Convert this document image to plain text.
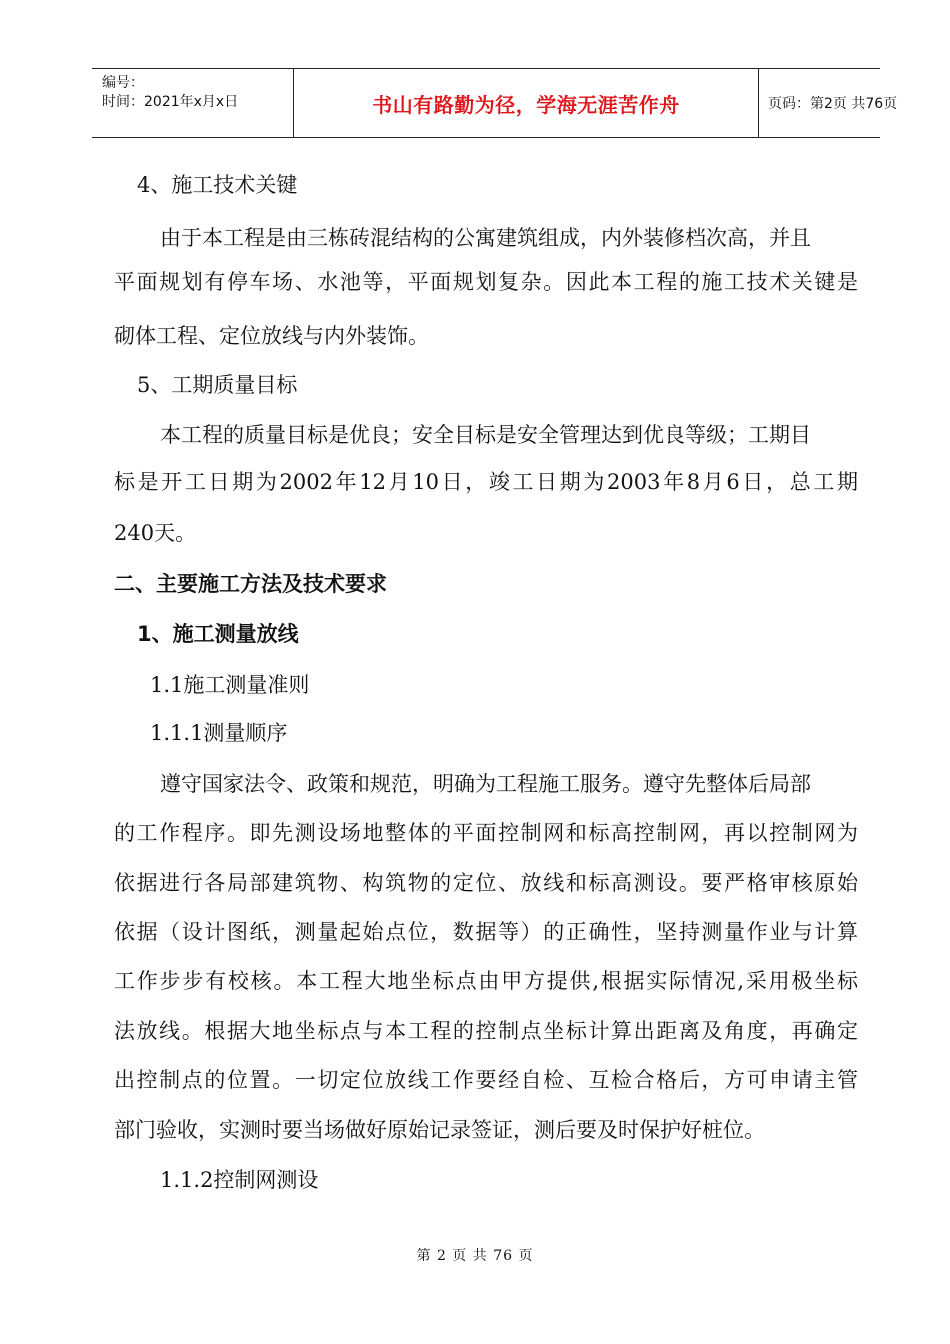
编号：
时间：2021年x月x日	书山有路勤为径，学海无涯苦作舟	页码：第2页 共76页
4、施工技术关键
由于本工程是由三栋砖混结构的公寓建筑组成，内外装修档次高，并且
平面规划有停车场、水池等，平面规划复杂。因此本工程的施工技术关键是
砌体工程、定位放线与内外装饰。
5、工期质量目标
本工程的质量目标是优良；安全目标是安全管理达到优良等级；工期目
标是开工日期为2002年12月10日，竣工日期为2003年8月6日，总工期
240天。
二、主要施工方法及技术要求
1、施工测量放线
1.1施工测量准则
1.1.1测量顺序
遵守国家法令、政策和规范，明确为工程施工服务。遵守先整体后局部
的工作程序。即先测设场地整体的平面控制网和标高控制网，再以控制网为
依据进行各局部建筑物、构筑物的定位、放线和标高测设。要严格审核原始
依据（设计图纸，测量起始点位，数据等）的正确性，坚持测量作业与计算
工作步步有校核。本工程大地坐标点由甲方提供,根据实际情况,采用极坐标
法放线。根据大地坐标点与本工程的控制点坐标计算出距离及角度，再确定
出控制点的位置。一切定位放线工作要经自检、互检合格后，方可申请主管
部门验收，实测时要当场做好原始记录签证，测后要及时保护好桩位。
1.1.2控制网测设
第 2 页 共 76 页
